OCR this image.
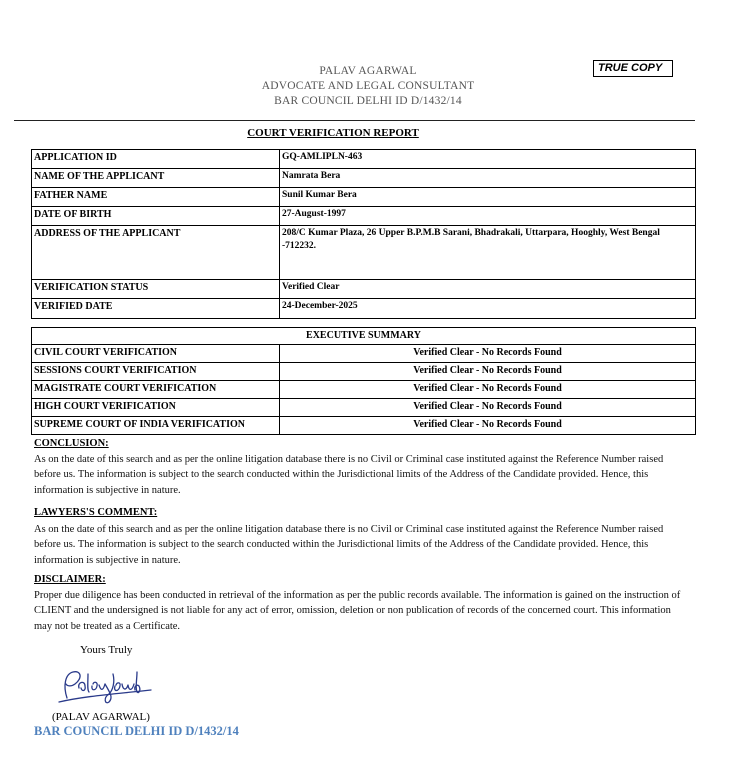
PALAV AGARWAL
ADVOCATE AND LEGAL CONSULTANT
BAR COUNCIL DELHI ID D/1432/14
TRUE COPY
COURT VERIFICATION REPORT
APPLICATION ID	GQ-AMLIPLN-463
NAME OF THE APPLICANT	Namrata Bera
FATHER NAME	Sunil Kumar Bera
DATE OF BIRTH	27-August-1997
ADDRESS OF THE APPLICANT	208/C Kumar Plaza, 26 Upper B.P.M.B Sarani, Bhadrakali, Uttarpara, Hooghly, West Bengal -712232.
VERIFICATION STATUS	Verified Clear
VERIFIED DATE	24-December-2025
EXECUTIVE SUMMARY	
CIVIL COURT VERIFICATION	Verified Clear - No Records Found
SESSIONS COURT VERIFICATION	Verified Clear - No Records Found
MAGISTRATE COURT VERIFICATION	Verified Clear - No Records Found
HIGH COURT VERIFICATION	Verified Clear - No Records Found
SUPREME COURT OF INDIA VERIFICATION	Verified Clear - No Records Found
CONCLUSION:
As on the date of this search and as per the online litigation database there is no Civil or Criminal case instituted against the Reference Number raised before us. The information is subject to the search conducted within the Jurisdictional limits of the Address of the Candidate provided. Hence, this information is subjective in nature.
LAWYERS'S COMMENT:
As on the date of this search and as per the online litigation database there is no Civil or Criminal case instituted against the Reference Number raised before us. The information is subject to the search conducted within the Jurisdictional limits of the Address of the Candidate provided. Hence, this information is subjective in nature.
DISCLAIMER:
Proper due diligence has been conducted in retrieval of the information as per the public records available. The information is gained on the instruction of CLIENT and the undersigned is not liable for any act of error, omission, deletion or non publication of records of the concerned court. This information may not be treated as a Certificate.
Yours Truly
(PALAV AGARWAL)
BAR COUNCIL DELHI ID D/1432/14
